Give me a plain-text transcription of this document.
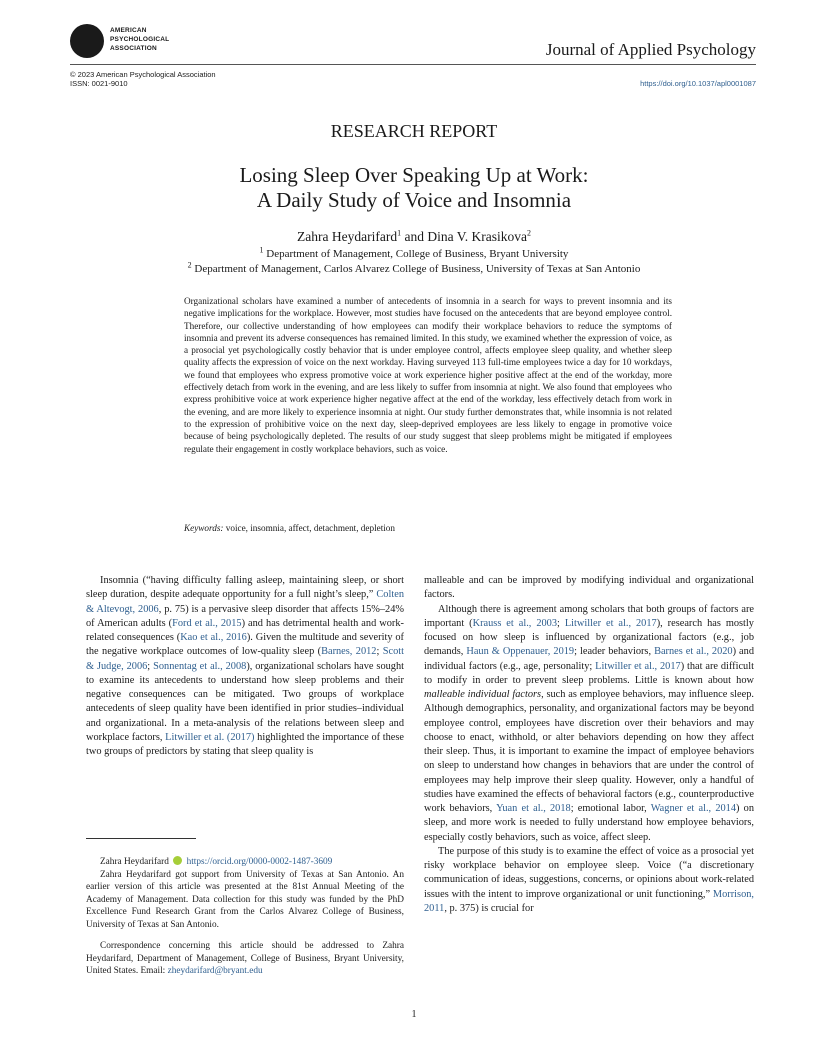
AMERICAN
PSYCHOLOGICAL
ASSOCIATION	Journal of Applied Psychology
© 2023 American Psychological Association
ISSN: 0021-9010	https://doi.org/10.1037/apl0001087
RESEARCH REPORT
Losing Sleep Over Speaking Up at Work:
A Daily Study of Voice and Insomnia
Zahra Heydarifard$^1$ and Dina V. Krasikova$^2$
$^1$ Department of Management, College of Business, Bryant University
$^2$ Department of Management, Carlos Alvarez College of Business, University of Texas at San Antonio
Organizational scholars have examined a number of antecedents of insomnia in a search for ways to prevent insomnia and its negative implications for the workplace. However, most studies have focused on the antecedents that are beyond employee control. Therefore, our collective understanding of how employees can modify their workplace behaviors to reduce the symptoms of insomnia and prevent its adverse consequences has remained limited. In this study, we examined whether the expression of voice, as a prosocial yet psychologically costly behavior that is under employee control, affects employee sleep quality, and whether sleep quality affects the expression of voice on the next workday. Having surveyed 113 full-time employees twice a day for 10 workdays, we found that employees who express promotive voice at work experience higher positive affect at the end of the workday, more effectively detach from work in the evening, and are less likely to suffer from insomnia at night. We also found that employees who express prohibitive voice at work experience higher negative affect at the end of the workday, less effectively detach from work in the evening, and are more likely to experience insomnia at night. Our study further demonstrates that, while insomnia is not related to the expression of prohibitive voice on the next day, sleep-deprived employees are less likely to engage in promotive voice because of being psychologically depleted. The results of our study suggest that sleep problems might be mitigated if employees regulate their engagement in costly workplace behaviors, such as voice.
Keywords: voice, insomnia, affect, detachment, depletion

Insomnia (“having difficulty falling asleep, maintaining sleep, or short sleep duration, despite adequate opportunity for a full night’s sleep,” Colten & Altevogt, 2006, p. 75) is a pervasive sleep disorder that affects 15%–24% of American adults (Ford et al., 2015) and has detrimental health and work-related consequences (Kao et al., 2016). Given the multitude and severity of the negative workplace outcomes of low-quality sleep (Barnes, 2012; Scott & Judge, 2006; Sonnentag et al., 2008), organizational scholars have sought to examine its antecedents to understand how sleep problems and their negative consequences can be mitigated. Two groups of workplace antecedents of sleep quality have been identified in prior studies–individual and organizational. In a meta-analysis of the relations between sleep and workplace factors, Litwiller et al. (2017) highlighted the importance of these two groups of predictors by stating that sleep quality is

Zahra Heydarifard https://orcid.org/0000-0002-1487-3609

Zahra Heydarifard got support from University of Texas at San Antonio. An earlier version of this article was presented at the 81st Annual Meeting of the Academy of Management. Data collection for this study was funded by the PhD Excellence Fund Research Grant from the Carlos Alvarez College of Business, University of Texas at San Antonio.

Correspondence concerning this article should be addressed to Zahra Heydarifard, Department of Management, College of Business, Bryant University, United States. Email: zheydarifard@bryant.edu

malleable and can be improved by modifying individual and organizational factors.

Although there is agreement among scholars that both groups of factors are important (Krauss et al., 2003; Litwiller et al., 2017), research has mostly focused on how sleep is influenced by organizational factors (e.g., job demands, Haun & Oppenauer, 2019; leader behaviors, Barnes et al., 2020) and individual factors (e.g., age, personality; Litwiller et al., 2017) that are difficult to modify in order to prevent sleep problems. Little is known about how malleable individual factors, such as employee behaviors, may influence sleep. Although demographics, personality, and organizational factors may be beyond employee control, employees have discretion over their behaviors and may choose to enact, withhold, or alter behaviors depending on how they affect their sleep. Thus, it is important to examine the impact of employee behaviors on sleep to understand how changes in behaviors that are under the control of employees may help improve their sleep quality. However, only a handful of studies have examined the effects of behavioral factors (e.g., counterproductive work behaviors, Yuan et al., 2018; emotional labor, Wagner et al., 2014) on sleep, and more work is needed to fully understand how employee behaviors, especially costly behaviors, such as voice, affect sleep.

The purpose of this study is to examine the effect of voice as a prosocial yet risky workplace behavior on employee sleep. Voice (“a discretionary communication of ideas, suggestions, concerns, or opinions about work-related issues with the intent to improve organizational or unit functioning,” Morrison, 2011, p. 375) is crucial for

1
